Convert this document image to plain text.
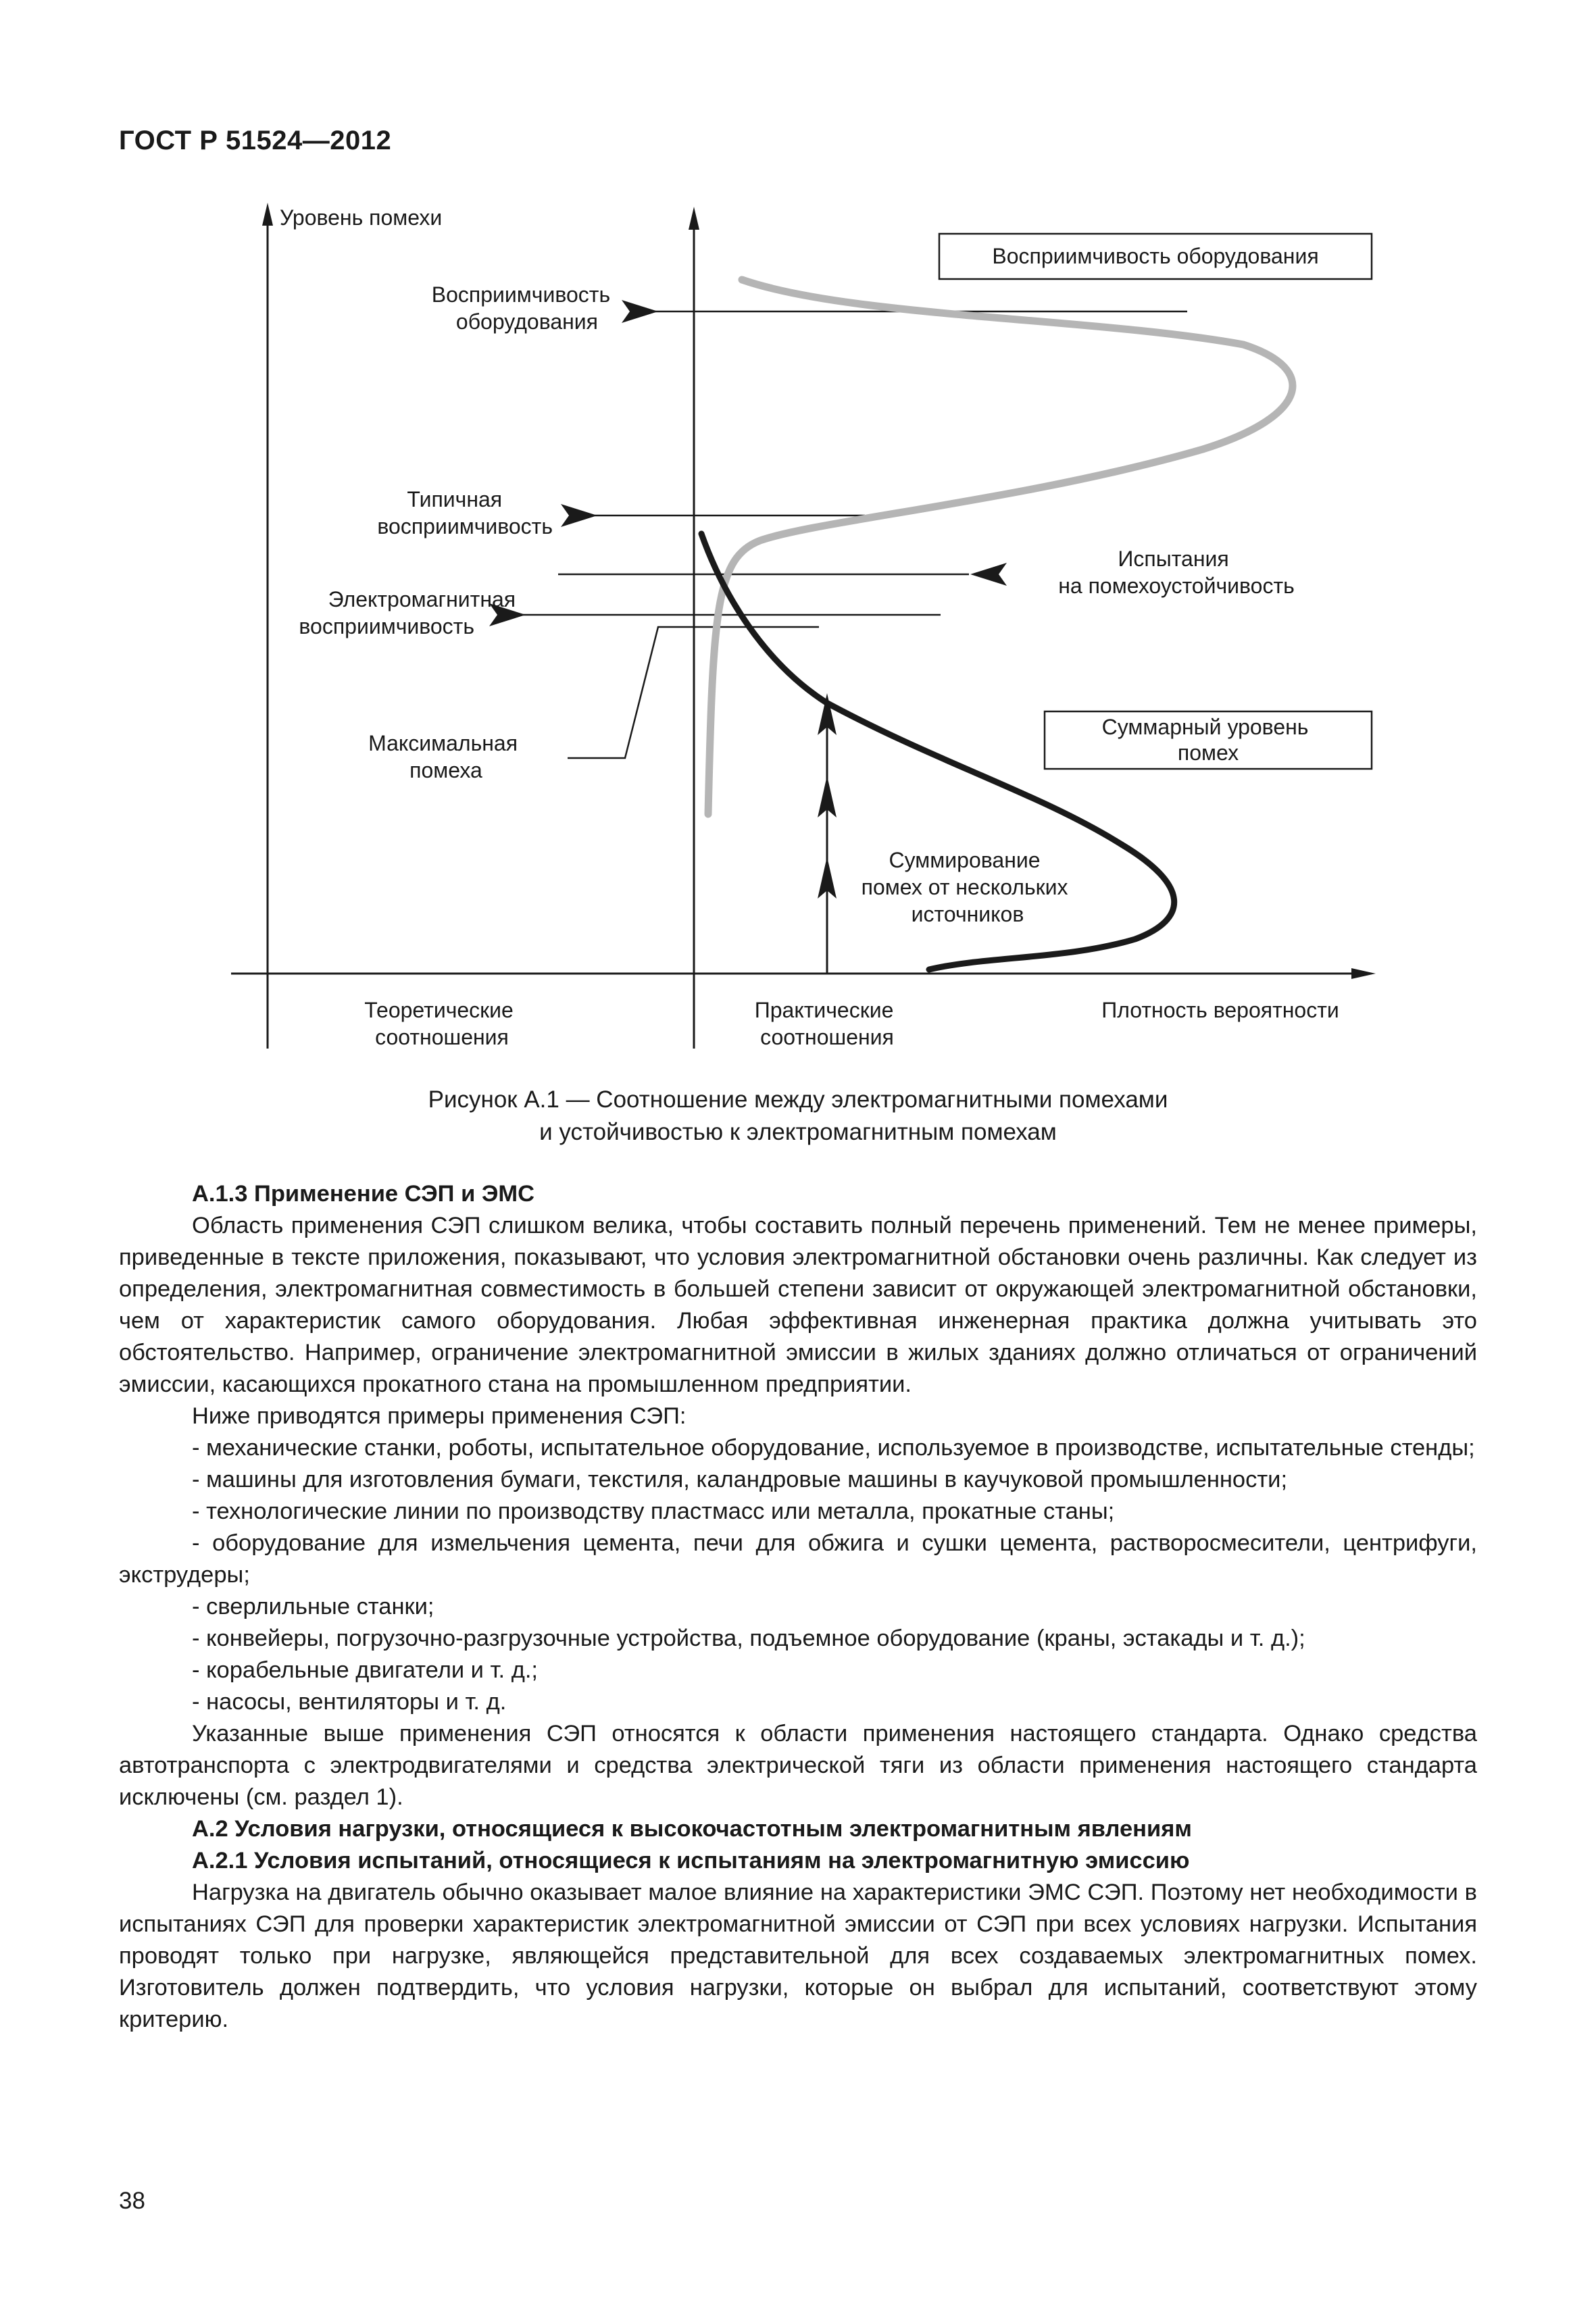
ГОСТ Р 51524—2012
Уровень помехи
Восприимчивость оборудования
Восприимчивость оборудования
Типичная восприимчивость
Электромагнитная восприимчивость
Максимальная помеха
Испытания на помехоустойчивость
Суммарный уровень помех
Суммирование помех от нескольких источников
Теоретические соотношения
Практические соотношения
Плотность вероятности
Рисунок А.1 — Соотношение между электромагнитными помехами
и устойчивостью к электромагнитным помехам

А.1.3 Применение СЭП и ЭМС

Область применения СЭП слишком велика, чтобы составить полный перечень применений. Тем не менее примеры, приведенные в тексте приложения, показывают, что условия электромагнитной обстановки очень различны. Как следует из определения, электромагнитная совместимость в большей степени зависит от окружающей электромагнитной обстановки, чем от характеристик самого оборудования. Любая эффективная инженерная практика должна учитывать это обстоятельство. Например, ограничение электромагнитной эмиссии в жилых зданиях должно отличаться от ограничений эмиссии, касающихся прокатного стана на промышленном предприятии.

Ниже приводятся примеры применения СЭП:

- механические станки, роботы, испытательное оборудование, используемое в производстве, испытательные стенды;

- машины для изготовления бумаги, текстиля, каландровые машины в каучуковой промышленности;

- технологические линии по производству пластмасс или металла, прокатные станы;

- оборудование для измельчения цемента, печи для обжига и сушки цемента, растворосмесители, центрифуги, экструдеры;

- сверлильные станки;

- конвейеры, погрузочно-разгрузочные устройства, подъемное оборудование (краны, эстакады и т. д.);

- корабельные двигатели и т. д.;

- насосы, вентиляторы и т. д.

Указанные выше применения СЭП относятся к области применения настоящего стандарта. Однако средства автотранспорта с электродвигателями и средства электрической тяги из области применения настоящего стандарта исключены (см. раздел 1).

А.2 Условия нагрузки, относящиеся к высокочастотным электромагнитным явлениям

А.2.1 Условия испытаний, относящиеся к испытаниям на электромагнитную эмиссию

Нагрузка на двигатель обычно оказывает малое влияние на характеристики ЭМС СЭП. Поэтому нет необходимости в испытаниях СЭП для проверки характеристик электромагнитной эмиссии от СЭП при всех условиях нагрузки. Испытания проводят только при нагрузке, являющейся представительной для всех создаваемых электромагнитных помех. Изготовитель должен подтвердить, что условия нагрузки, которые он выбрал для испытаний, соответствуют этому критерию.

38
